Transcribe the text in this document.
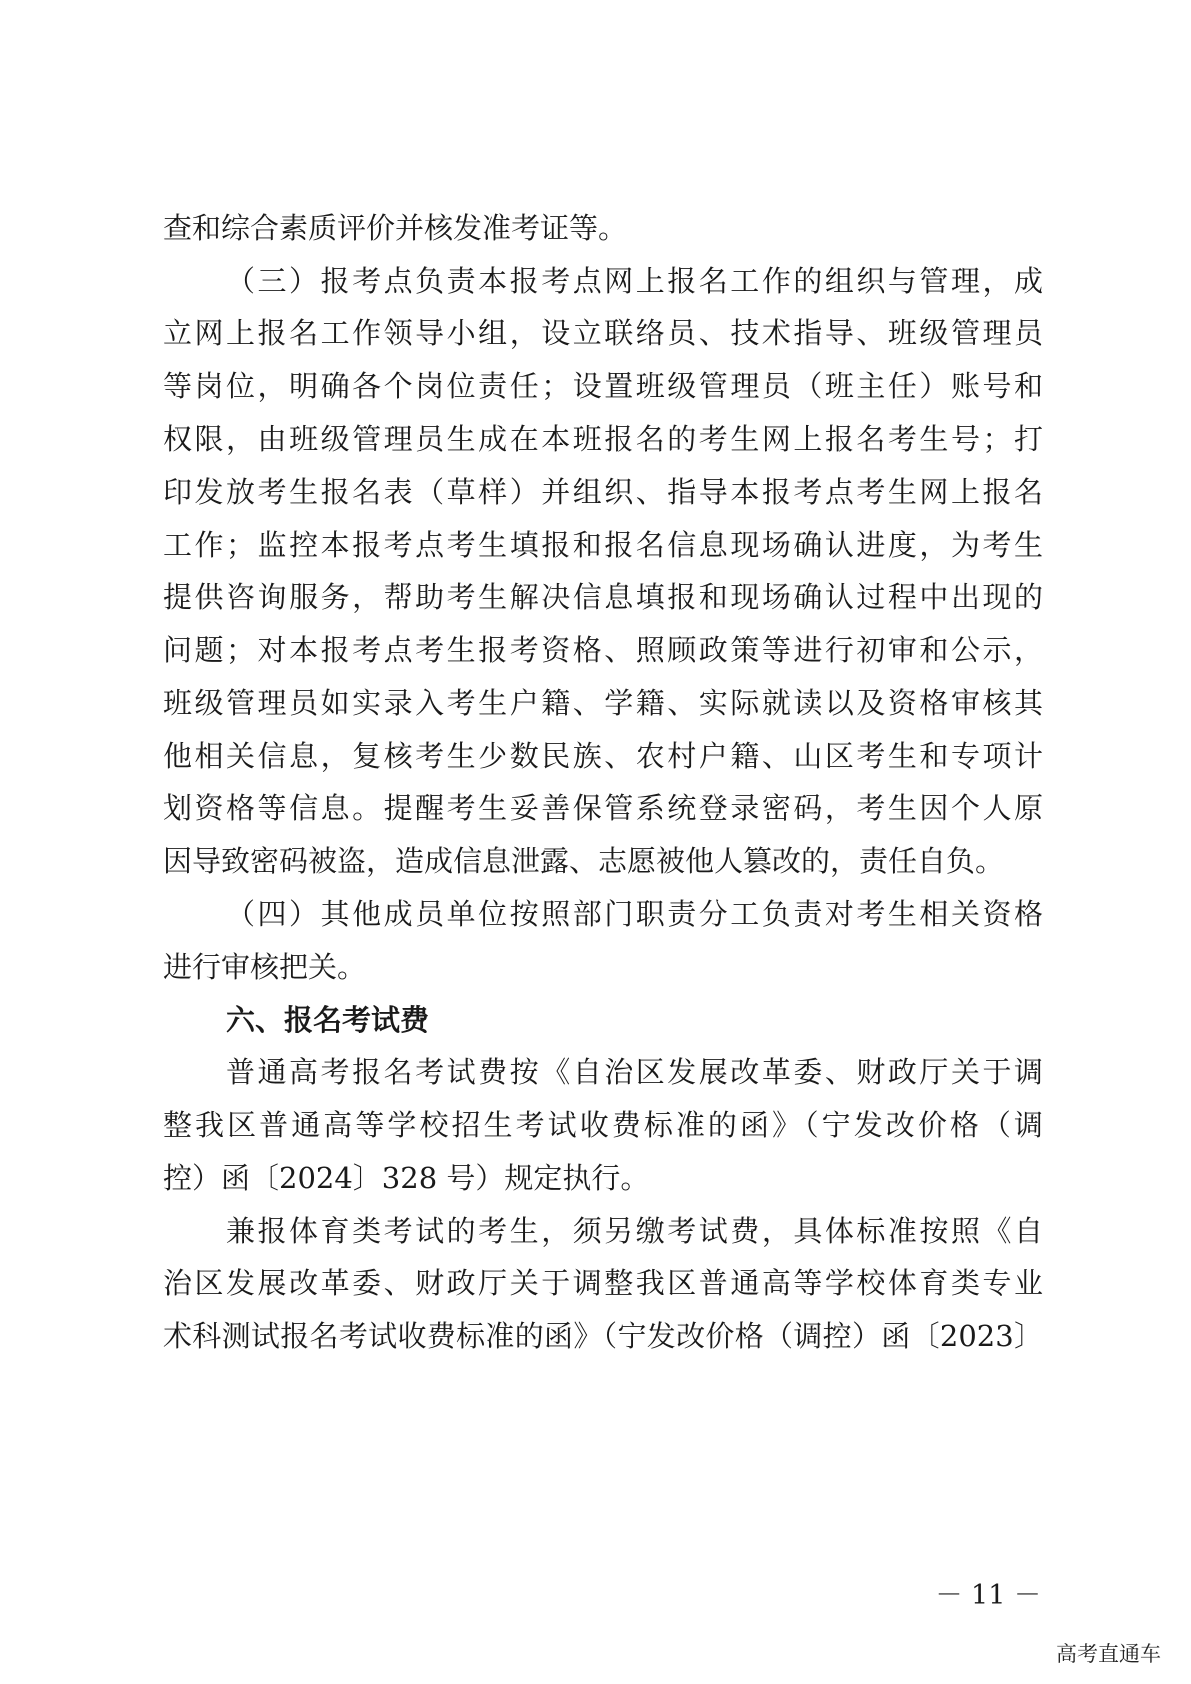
查和综合素质评价并核发准考证等。
（三）报考点负责本报考点网上报名工作的组织与管理，成
立网上报名工作领导小组，设立联络员、技术指导、班级管理员
等岗位，明确各个岗位责任；设置班级管理员（班主任）账号和
权限，由班级管理员生成在本班报名的考生网上报名考生号；打
印发放考生报名表（草样）并组织、指导本报考点考生网上报名
工作；监控本报考点考生填报和报名信息现场确认进度，为考生
提供咨询服务，帮助考生解决信息填报和现场确认过程中出现的
问题；对本报考点考生报考资格、照顾政策等进行初审和公示，
班级管理员如实录入考生户籍、学籍、实际就读以及资格审核其
他相关信息，复核考生少数民族、农村户籍、山区考生和专项计
划资格等信息。提醒考生妥善保管系统登录密码，考生因个人原
因导致密码被盗，造成信息泄露、志愿被他人篡改的，责任自负。
（四）其他成员单位按照部门职责分工负责对考生相关资格
进行审核把关。
六、报名考试费
普通高考报名考试费按《自治区发展改革委、财政厅关于调
整我区普通高等学校招生考试收费标准的函》（宁发改价格（调
控）函〔2024〕328 号）规定执行。
兼报体育类考试的考生，须另缴考试费，具体标准按照《自
治区发展改革委、财政厅关于调整我区普通高等学校体育类专业
术科测试报名考试收费标准的函》（宁发改价格（调控）函〔2023〕
－ 11 －
高考直通车
